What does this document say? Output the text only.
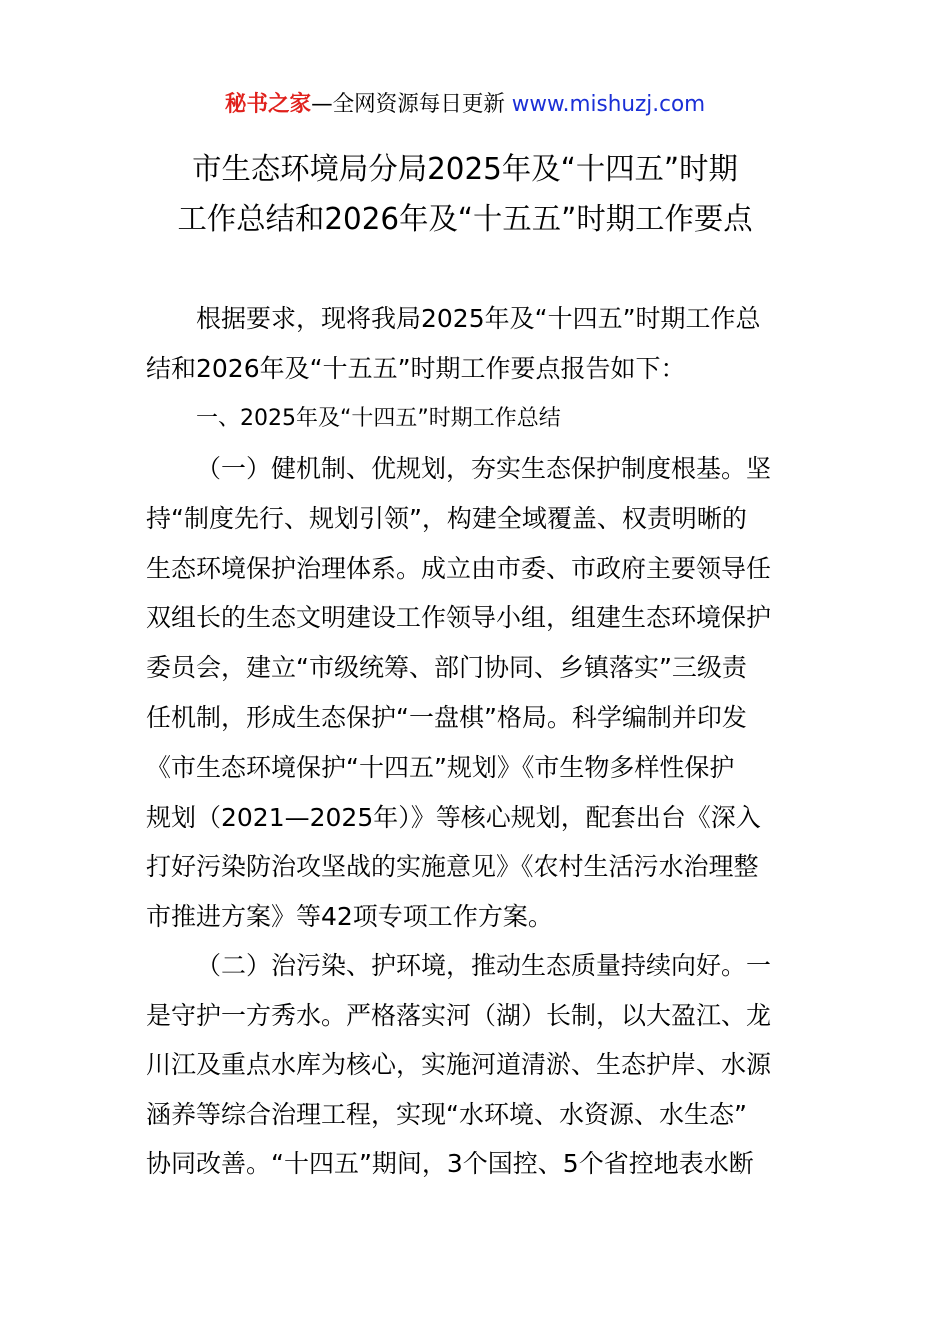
秘书之家—全网资源每日更新 www.mishuzj.com
市生态环境局分局2025年及“十四五”时期
工作总结和2026年及“十五五”时期工作要点
根据要求，现将我局2025年及“十四五”时期工作总
结和2026年及“十五五”时期工作要点报告如下：
一、2025年及“十四五”时期工作总结
（一）健机制、优规划，夯实生态保护制度根基。坚
持“制度先行、规划引领”，构建全域覆盖、权责明晰的
生态环境保护治理体系。成立由市委、市政府主要领导任
双组长的生态文明建设工作领导小组，组建生态环境保护
委员会，建立“市级统筹、部门协同、乡镇落实”三级责
任机制，形成生态保护“一盘棋”格局。科学编制并印发
《市生态环境保护“十四五”规划》《市生物多样性保护
规划（2021—2025年）》等核心规划，配套出台《深入
打好污染防治攻坚战的实施意见》《农村生活污水治理整
市推进方案》等42项专项工作方案。
（二）治污染、护环境，推动生态质量持续向好。一
是守护一方秀水。严格落实河（湖）长制，以大盈江、龙
川江及重点水库为核心，实施河道清淤、生态护岸、水源
涵养等综合治理工程，实现“水环境、水资源、水生态”
协同改善。“十四五”期间，3个国控、5个省控地表水断
